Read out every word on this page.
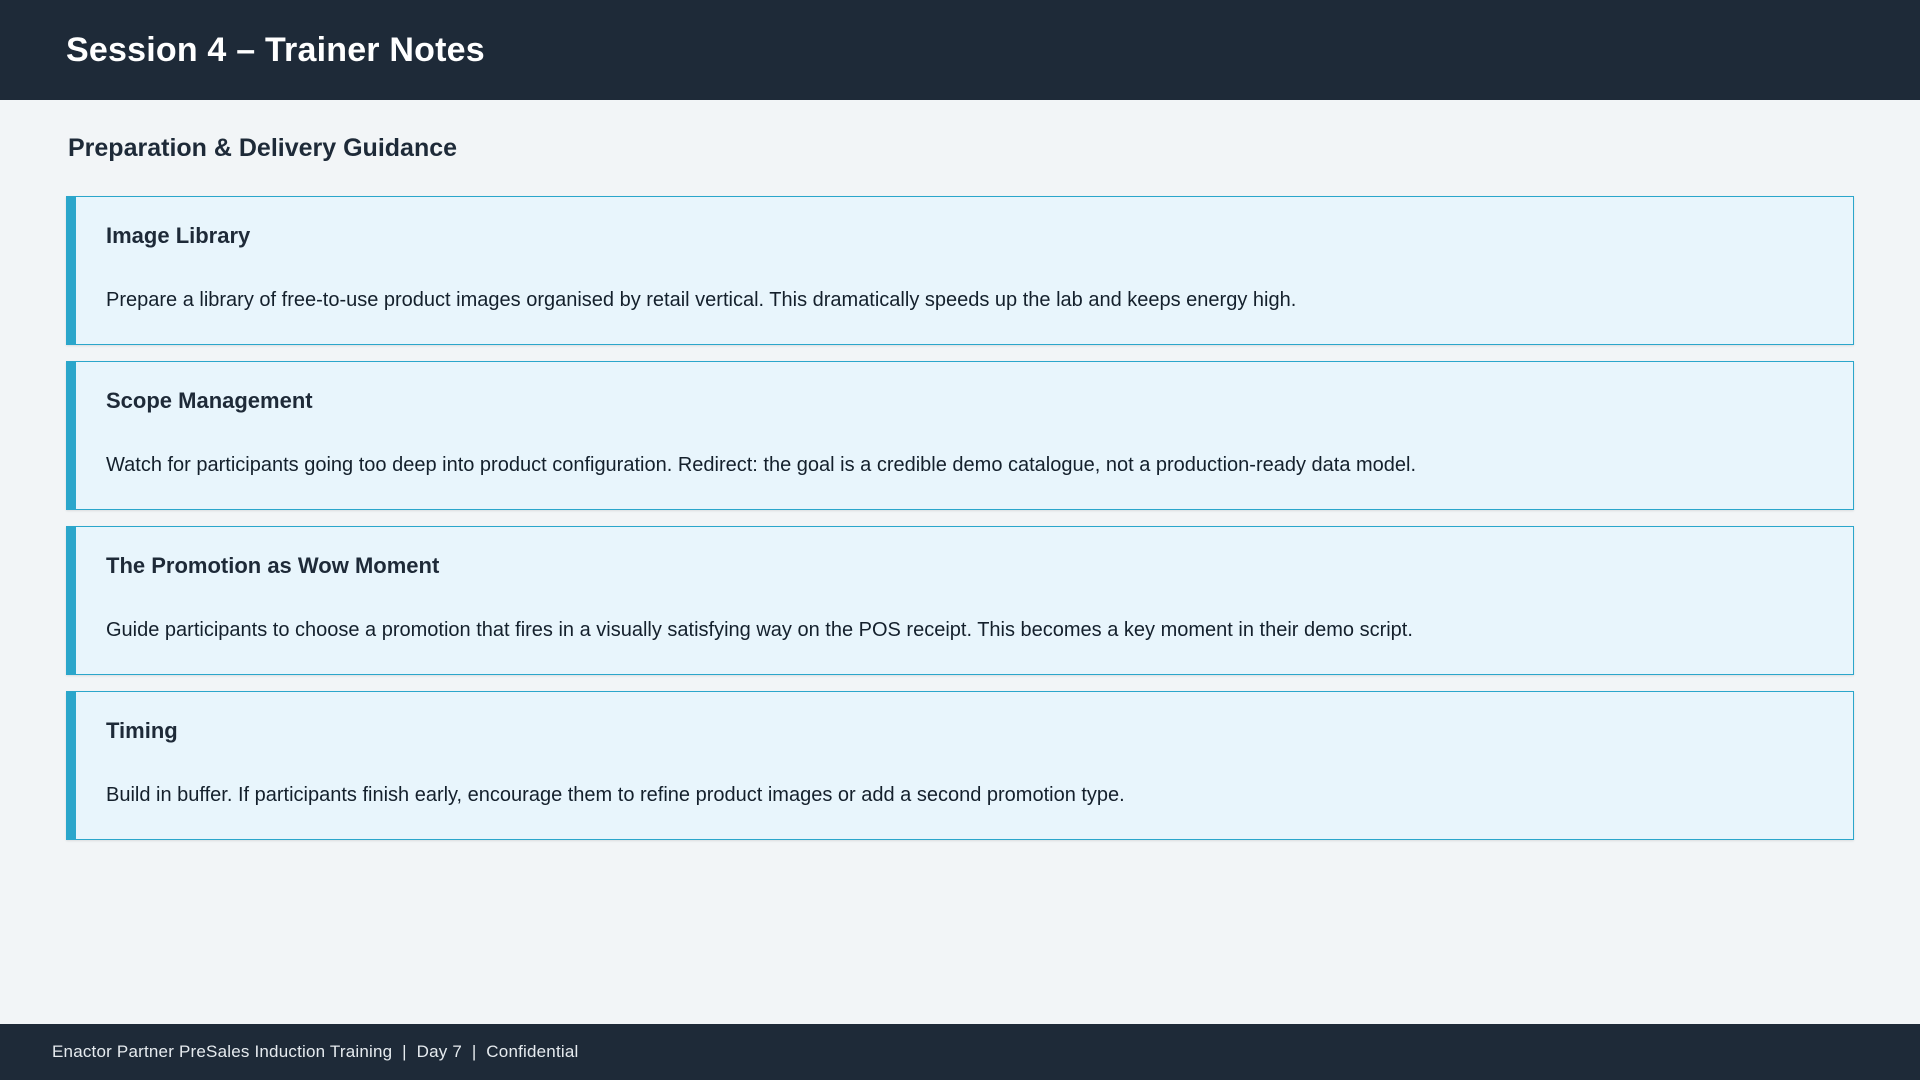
Session 4 – Trainer Notes
Preparation & Delivery Guidance
Image Library

Prepare a library of free-to-use product images organised by retail vertical. This dramatically speeds up the lab and keeps energy high.

Scope Management

Watch for participants going too deep into product configuration. Redirect: the goal is a credible demo catalogue, not a production-ready data model.

The Promotion as Wow Moment

Guide participants to choose a promotion that fires in a visually satisfying way on the POS receipt. This becomes a key moment in their demo script.

Timing

Build in buffer. If participants finish early, encourage them to refine product images or add a second promotion type.

Enactor Partner PreSales Induction Training  |  Day 7  |  Confidential
